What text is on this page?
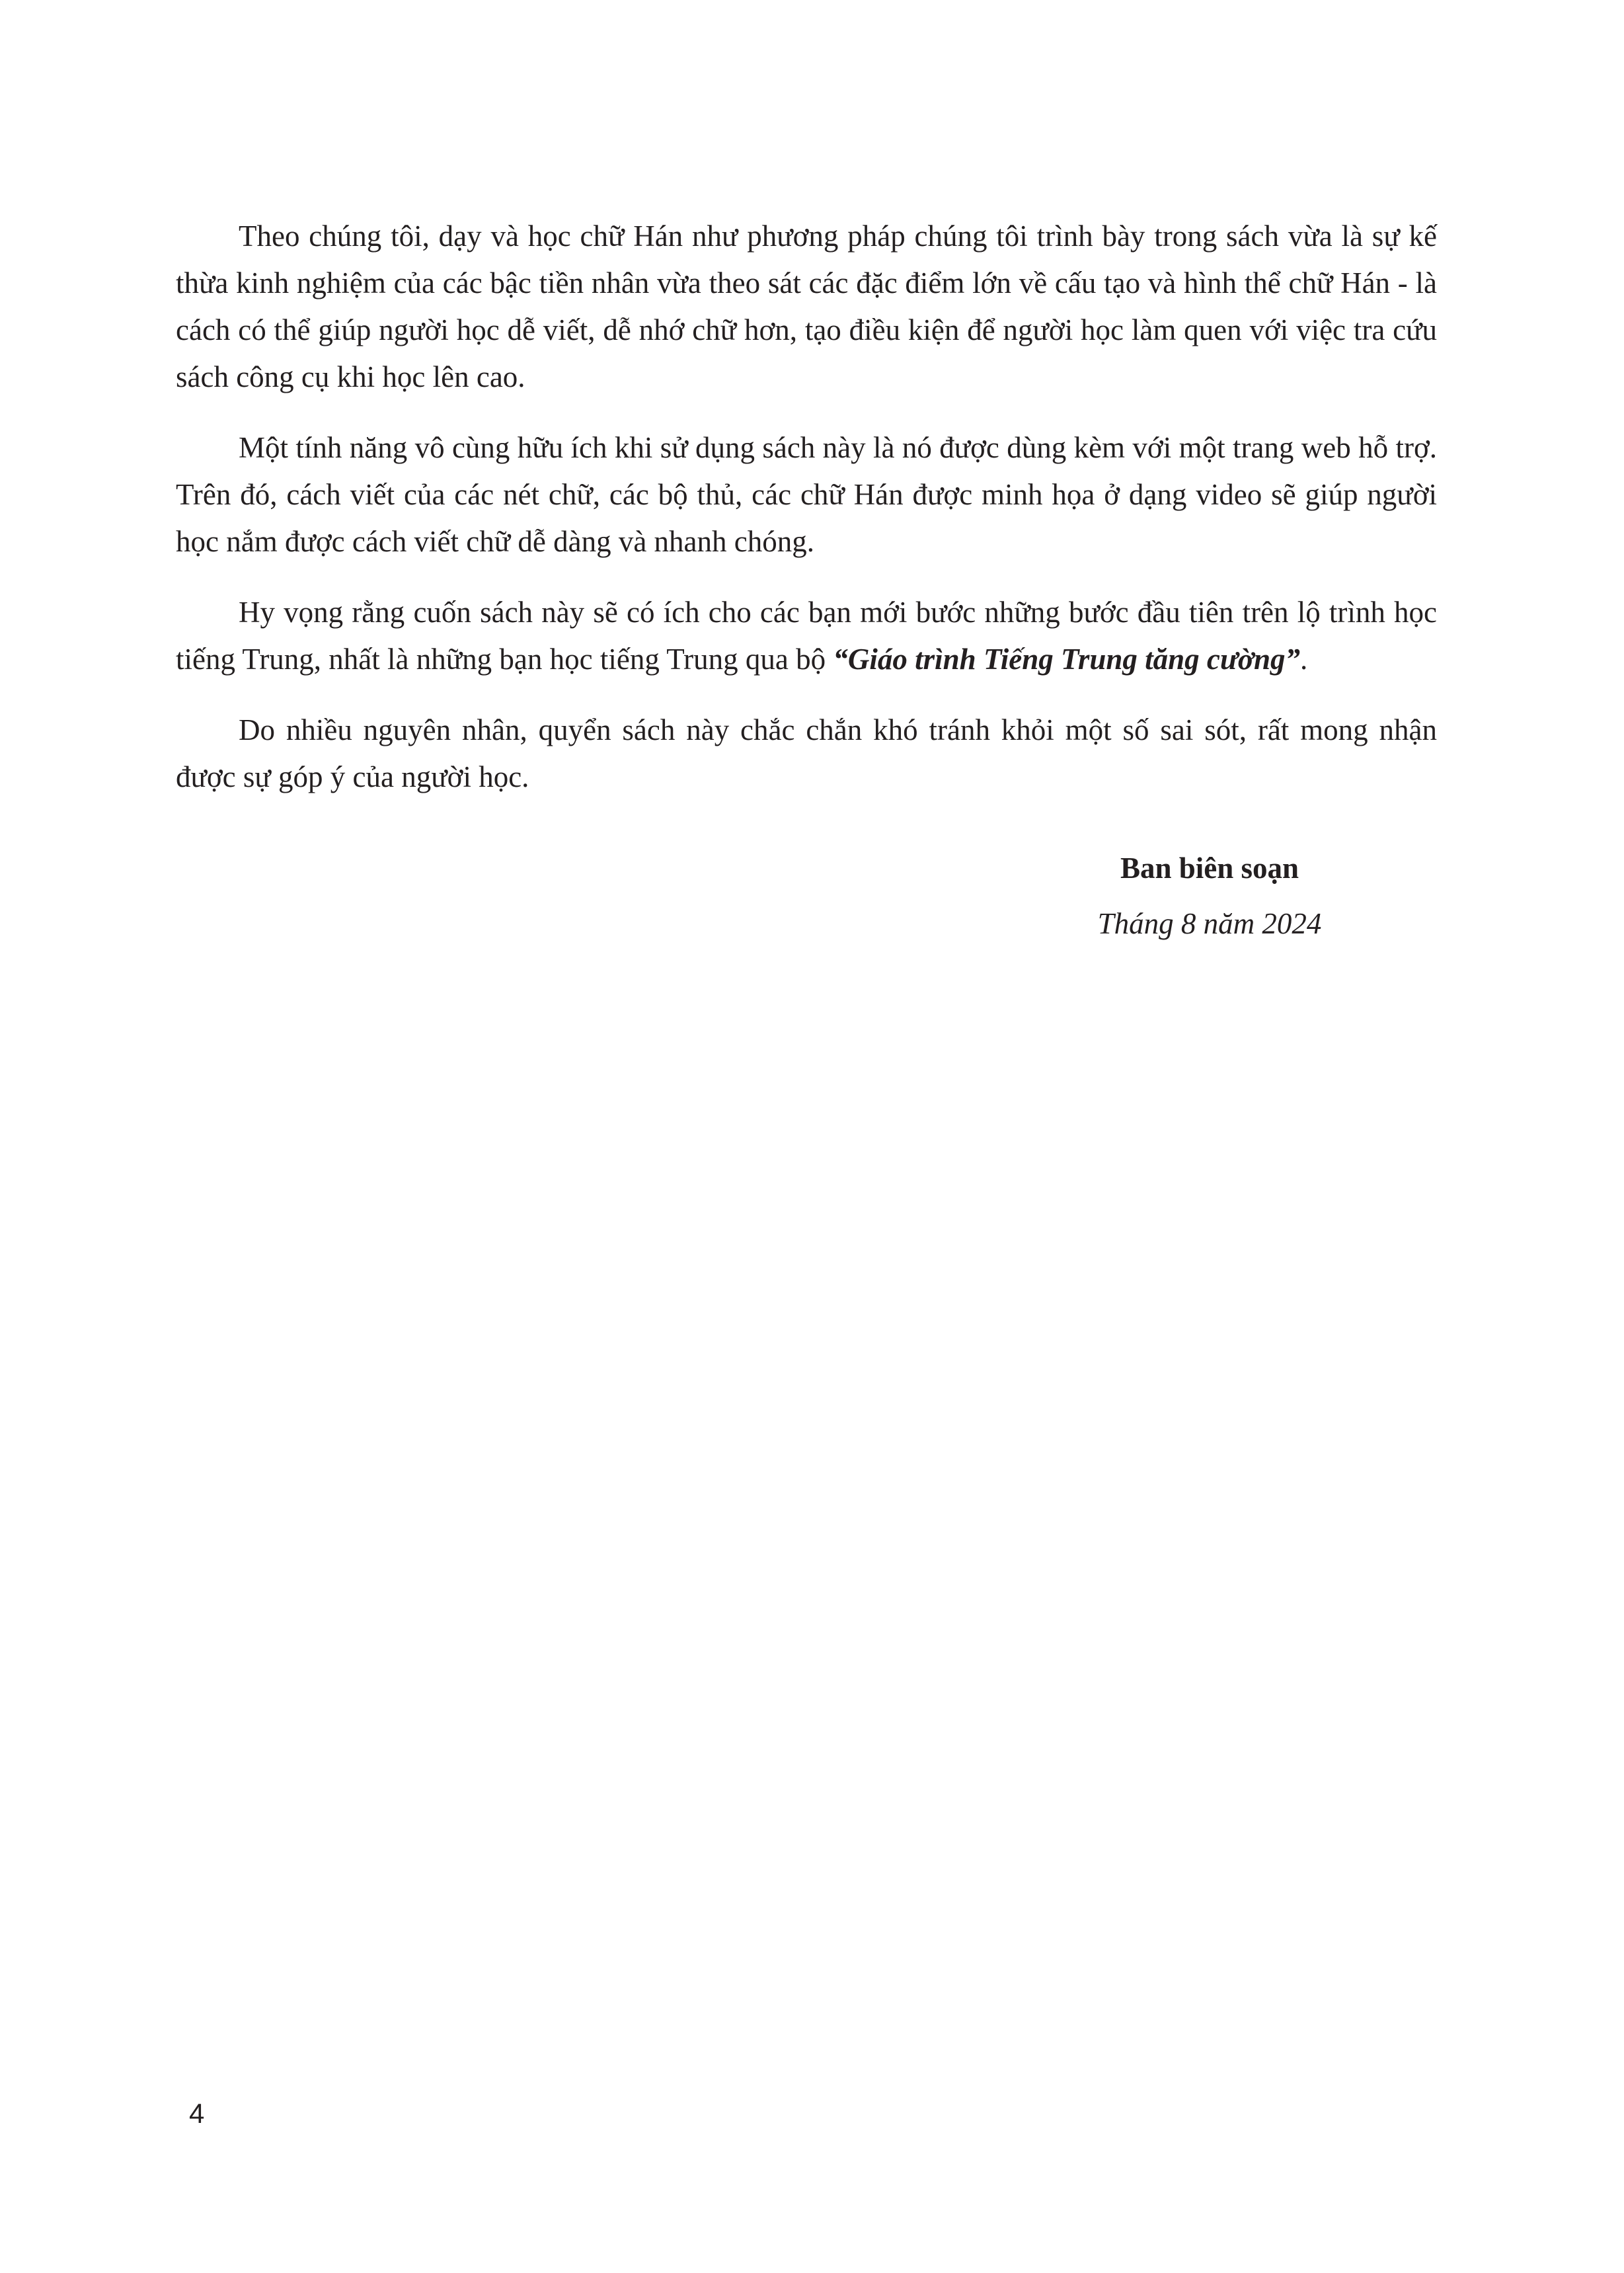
Theo chúng tôi, dạy và học chữ Hán như phương pháp chúng tôi trình bày trong sách vừa là sự kế thừa kinh nghiệm của các bậc tiền nhân vừa theo sát các đặc điểm lớn về cấu tạo và hình thể chữ Hán - là cách có thể giúp người học dễ viết, dễ nhớ chữ hơn, tạo điều kiện để người học làm quen với việc tra cứu sách công cụ khi học lên cao.

Một tính năng vô cùng hữu ích khi sử dụng sách này là nó được dùng kèm với một trang web hỗ trợ. Trên đó, cách viết của các nét chữ, các bộ thủ, các chữ Hán được minh họa ở dạng video sẽ giúp người học nắm được cách viết chữ dễ dàng và nhanh chóng.

Hy vọng rằng cuốn sách này sẽ có ích cho các bạn mới bước những bước đầu tiên trên lộ trình học tiếng Trung, nhất là những bạn học tiếng Trung qua bộ “Giáo trình Tiếng Trung tăng cường”.

Do nhiều nguyên nhân, quyển sách này chắc chắn khó tránh khỏi một số sai sót, rất mong nhận được sự góp ý của người học.

Ban biên soạn
Tháng 8 năm 2024
4
